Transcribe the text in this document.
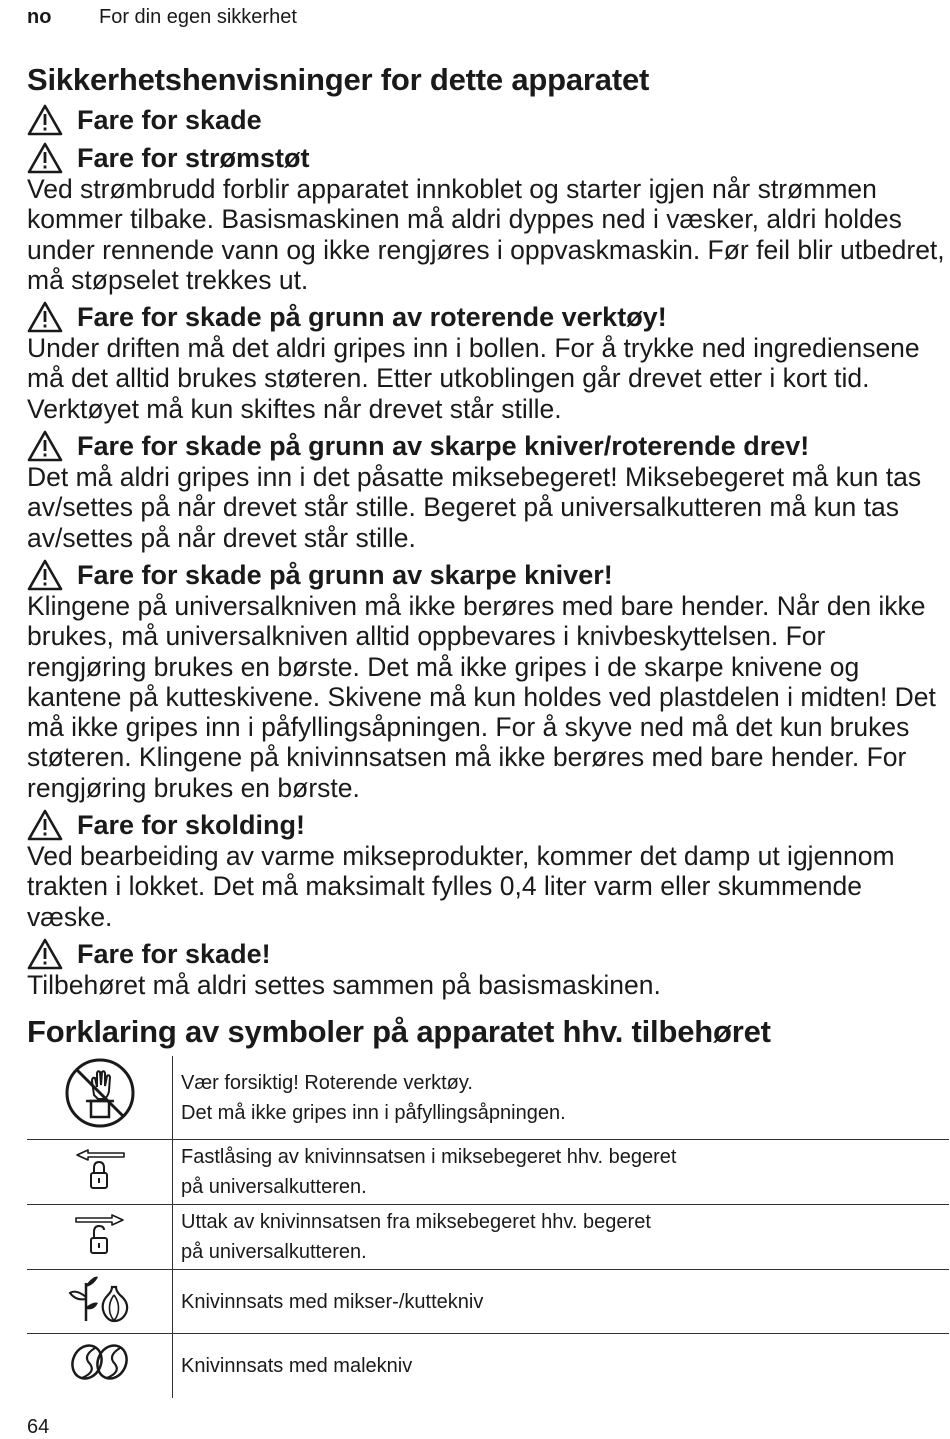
no For din egen sikkerhet
Sikkerhetshenvisninger for dette apparatet
Fare for skade
Fare for strømstøt

Ved strømbrudd forblir apparatet innkoblet og starter igjen når strømmen kommer tilbake. Basismaskinen må aldri dyppes ned i væsker, aldri holdes under rennende vann og ikke rengjøres i oppvaskmaskin. Før feil blir utbedret, må støpselet trekkes ut.

Fare for skade på grunn av roterende verktøy!

Under driften må det aldri gripes inn i bollen. For å trykke ned ingrediensene må det alltid brukes støteren. Etter utkoblingen går drevet etter i kort tid. Verktøyet må kun skiftes når drevet står stille.

Fare for skade på grunn av skarpe kniver/roterende drev!

Det må aldri gripes inn i det påsatte miksebegeret! Miksebegeret må kun tas av/settes på når drevet står stille. Begeret på universalkutteren må kun tas av/settes på når drevet står stille.

Fare for skade på grunn av skarpe kniver!

Klingene på universalkniven må ikke berøres med bare hender. Når den ikke brukes, må universalkniven alltid oppbevares i knivbeskyttelsen. For rengjøring brukes en børste. Det må ikke gripes i de skarpe knivene og kantene på kutteskivene. Skivene må kun holdes ved plastdelen i midten! Det må ikke gripes inn i påfyllingsåpningen. For å skyve ned må det kun brukes støteren. Klingene på knivinnsatsen må ikke berøres med bare hender. For rengjøring brukes en børste.

Fare for skolding!

Ved bearbeiding av varme mikseprodukter, kommer det damp ut igjennom trakten i lokket. Det må maksimalt fylles 0,4 liter varm eller skummende væske.

Fare for skade!

Tilbehøret må aldri settes sammen på basismaskinen.

Forklaring av symboler på apparatet hhv. tilbehøret

Vær forsiktig! Roterende verktøy.
Det må ikke gripes inn i påfyllingsåpningen.

Fastlåsing av knivinnsatsen i miksebegeret hhv. begeret
på universalkutteren.

Uttak av knivinnsatsen fra miksebegeret hhv. begeret
på universalkutteren.

Knivinnsats med mikser-/kuttekniv

Knivinnsats med malekniv
64
